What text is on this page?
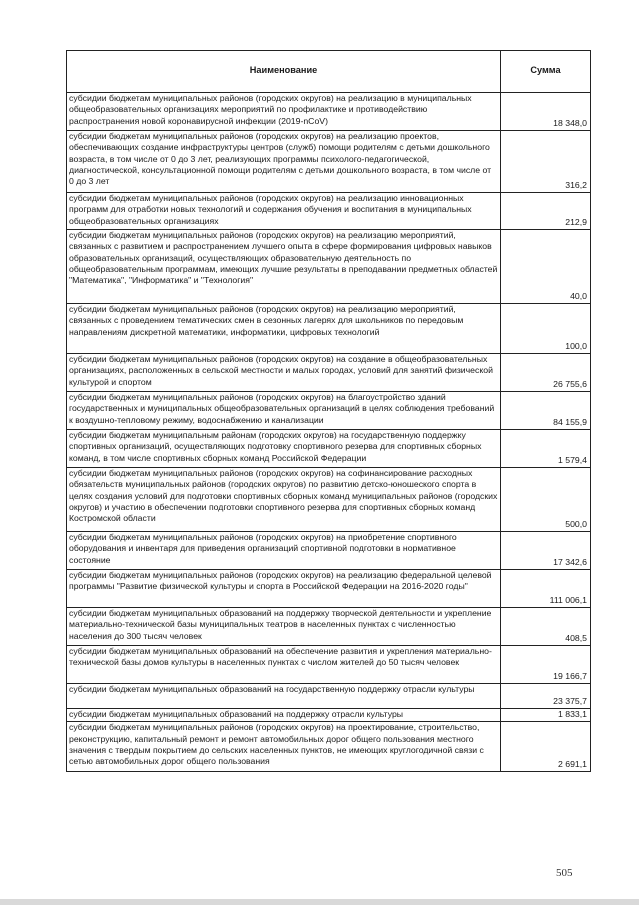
Наименование	Сумма
субсидии бюджетам муниципальных районов (городских округов) на реализацию в муниципальных общеобразовательных организациях мероприятий по профилактике и противодействию распространения новой коронавирусной инфекции (2019-nCoV)	18 348,0
субсидии бюджетам муниципальных районов (городских округов) на реализацию проектов, обеспечивающих создание инфраструктуры центров (служб) помощи родителям с детьми дошкольного возраста, в том числе от 0 до 3 лет, реализующих программы психолого-педагогической, диагностической, консультационной помощи родителям с детьми дошкольного возраста, в том числе от 0 до 3 лет	316,2
субсидии бюджетам муниципальных районов (городских округов) на реализацию инновационных программ для отработки новых технологий и содержания обучения и воспитания в муниципальных общеобразовательных организациях	212,9
субсидии бюджетам муниципальных районов (городских округов) на реализацию мероприятий, связанных с развитием и распространением лучшего опыта в сфере формирования цифровых навыков образовательных организаций, осуществляющих образовательную деятельность по общеобразовательным программам, имеющих лучшие результаты в преподавании предметных областей "Математика", "Информатика" и "Технология"	40,0
субсидии бюджетам муниципальных районов (городских округов) на реализацию мероприятий, связанных с проведением тематических смен в сезонных лагерях для школьников по передовым направлениям дискретной математики, информатики, цифровых технологий	100,0
субсидии бюджетам муниципальных районов (городских округов) на создание в общеобразовательных организациях, расположенных в сельской местности и малых городах, условий для занятий физической культурой и спортом	26 755,6
субсидии бюджетам муниципальных районов (городских округов) на благоустройство зданий государственных и муниципальных общеобразовательных организаций в целях соблюдения требований к воздушно-тепловому режиму, водоснабжению и канализации	84 155,9
субсидии бюджетам муниципальным районам (городских округов) на государственную поддержку спортивных организаций, осуществляющих подготовку спортивного резерва для спортивных сборных команд, в том числе спортивных сборных команд Российской Федерации	1 579,4
субсидии бюджетам муниципальных районов (городских округов) на софинансирование расходных обязательств муниципальных районов (городских округов) по развитию детско-юношеского спорта в целях создания условий для подготовки спортивных сборных команд муниципальных районов (городских округов) и участию в обеспечении подготовки спортивного резерва для спортивных сборных команд Костромской области	500,0
субсидии бюджетам муниципальных районов (городских округов) на приобретение спортивного оборудования и инвентаря для приведения организаций спортивной подготовки в нормативное состояние	17 342,6
субсидии бюджетам муниципальных районов (городских округов) на реализацию федеральной целевой программы "Развитие физической культуры и спорта в Российской Федерации на 2016-2020 годы"	111 006,1
субсидии бюджетам муниципальных образований на поддержку творческой деятельности и укрепление материально-технической базы муниципальных театров в населенных пунктах с численностью населения до 300 тысяч человек	408,5
субсидии бюджетам муниципальных образований на обеспечение развития и укрепления материально-технической базы домов культуры в населенных пунктах с числом жителей до 50 тысяч человек	19 166,7
субсидии бюджетам муниципальных образований на государственную поддержку отрасли культуры	23 375,7
субсидии бюджетам муниципальных образований на поддержку отрасли культуры	1 833,1
субсидии бюджетам муниципальных районов (городских округов) на проектирование, строительство, реконструкцию, капитальный ремонт и ремонт автомобильных дорог общего пользования местного значения с твердым покрытием до сельских населенных пунктов, не имеющих круглогодичной связи с сетью автомобильных дорог общего пользования	2 691,1
505
